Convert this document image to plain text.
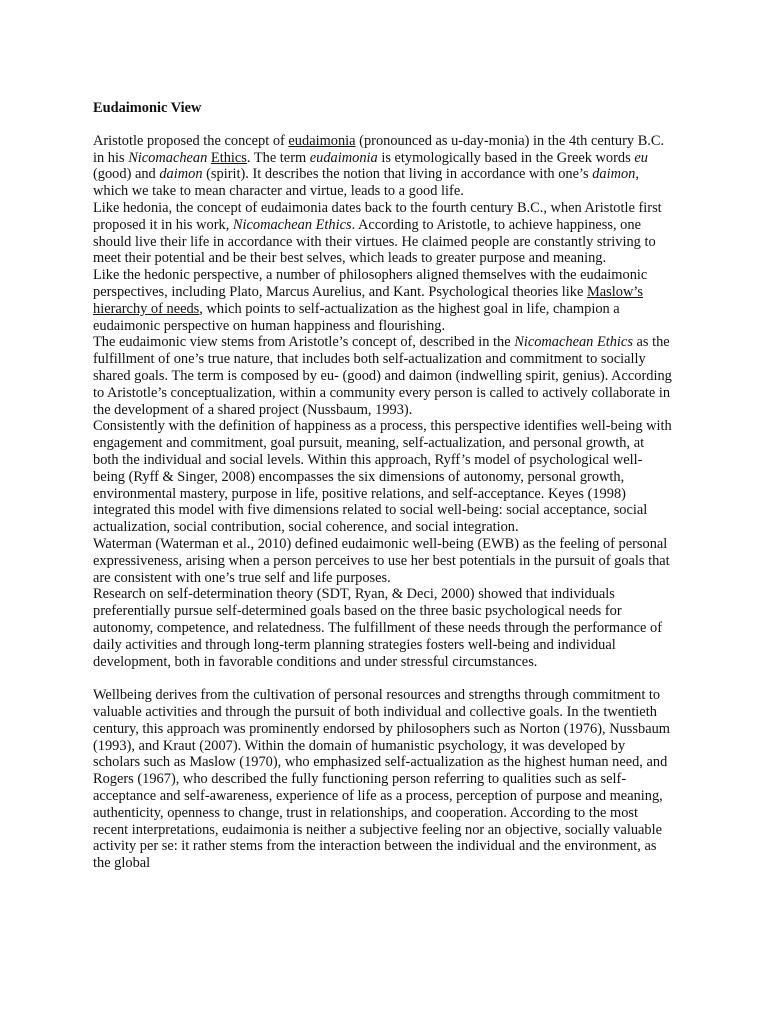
Eudaimonic View

Aristotle proposed the concept of eudaimonia (pronounced as u-day-monia) in the 4th century B.C. in his Nicomachean Ethics. The term eudaimonia is etymologically based in the Greek words eu (good) and daimon (spirit). It describes the notion that living in accordance with one’s daimon, which we take to mean character and virtue, leads to a good life.

Like hedonia, the concept of eudaimonia dates back to the fourth century B.C., when Aristotle first proposed it in his work, Nicomachean Ethics. According to Aristotle, to achieve happiness, one should live their life in accordance with their virtues. He claimed people are constantly striving to meet their potential and be their best selves, which leads to greater purpose and meaning.

Like the hedonic perspective, a number of philosophers aligned themselves with the eudaimonic perspectives, including Plato, Marcus Aurelius, and Kant. Psychological theories like Maslow’s hierarchy of needs, which points to self-actualization as the highest goal in life, champion a eudaimonic perspective on human happiness and flourishing.

The eudaimonic view stems from Aristotle’s concept of, described in the Nicomachean Ethics as the fulfillment of one’s true nature, that includes both self-actualization and commitment to socially shared goals. The term is composed by eu- (good) and daimon (indwelling spirit, genius). According to Aristotle’s conceptualization, within a community every person is called to actively collaborate in the development of a shared project (Nussbaum, 1993).

Consistently with the definition of happiness as a process, this perspective identifies well-being with engagement and commitment, goal pursuit, meaning, self-actualization, and personal growth, at both the individual and social levels. Within this approach, Ryff’s model of psychological well-being (Ryff & Singer, 2008) encompasses the six dimensions of autonomy, personal growth, environmental mastery, purpose in life, positive relations, and self-acceptance. Keyes (1998) integrated this model with five dimensions related to social well-being: social acceptance, social actualization, social contribution, social coherence, and social integration.

Waterman (Waterman et al., 2010) defined eudaimonic well-being (EWB) as the feeling of personal expressiveness, arising when a person perceives to use her best potentials in the pursuit of goals that are consistent with one’s true self and life purposes.

Research on self-determination theory (SDT, Ryan, & Deci, 2000) showed that individuals preferentially pursue self-determined goals based on the three basic psychological needs for autonomy, competence, and relatedness. The fulfillment of these needs through the performance of daily activities and through long-term planning strategies fosters well-being and individual development, both in favorable conditions and under stressful circumstances.

Wellbeing derives from the cultivation of personal resources and strengths through commitment to valuable activities and through the pursuit of both individual and collective goals. In the twentieth century, this approach was prominently endorsed by philosophers such as Norton (1976), Nussbaum (1993), and Kraut (2007). Within the domain of humanistic psychology, it was developed by scholars such as Maslow (1970), who emphasized self-actualization as the highest human need, and Rogers (1967), who described the fully functioning person referring to qualities such as self-acceptance and self-awareness, experience of life as a process, perception of purpose and meaning, authenticity, openness to change, trust in relationships, and cooperation. According to the most recent interpretations, eudaimonia is neither a subjective feeling nor an objective, socially valuable activity per se: it rather stems from the interaction between the individual and the environment, as the global
